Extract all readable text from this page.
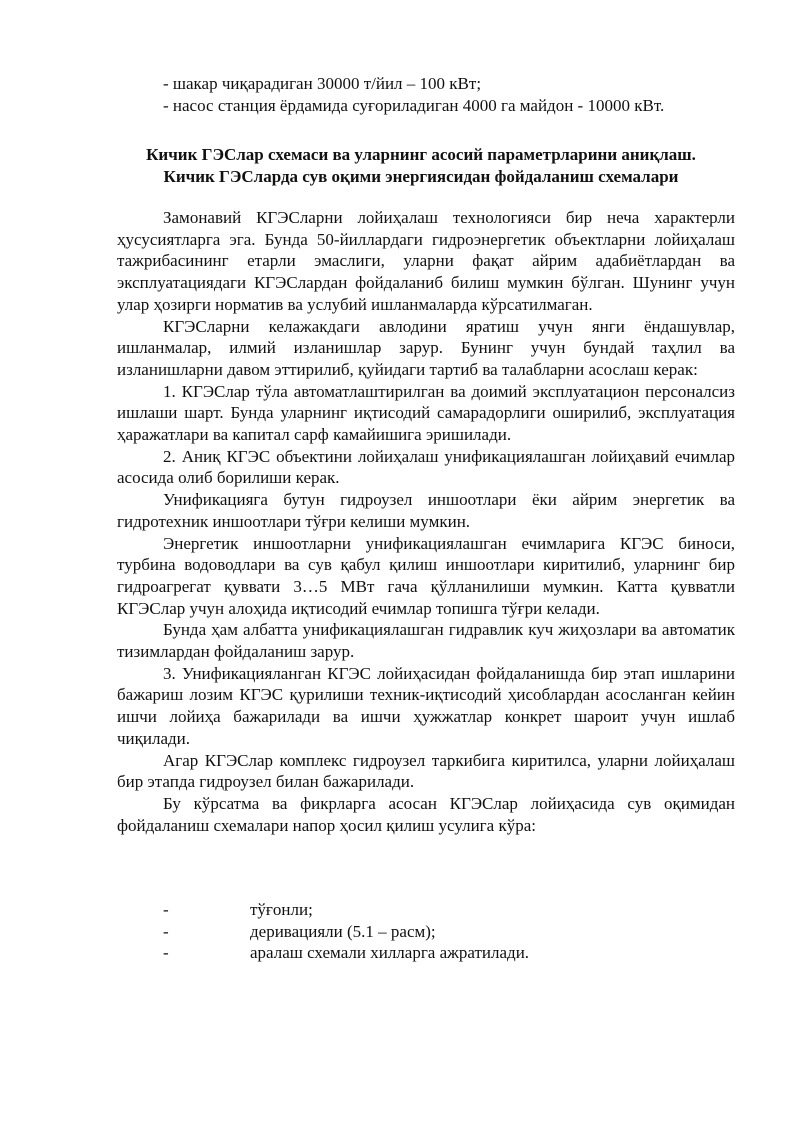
- шакар чиқарадиган 30000 т/йил – 100 кВт;
- насос станция ёрдамида суғориладиган 4000 га майдон - 10000 кВт.
Кичик ГЭСлар схемаси ва уларнинг асосий параметрларини аниқлаш.
Кичик ГЭСларда сув оқими энергиясидан фойдаланиш схемалари

Замонавий КГЭСларни лойиҳалаш технологияси бир неча характерли ҳусусиятларга эга. Бунда 50-йиллардаги гидроэнергетик объектларни лойиҳалаш тажрибасининг етарли эмаслиги, уларни фақат айрим адабиётлардан ва эксплуатациядаги КГЭСлардан фойдаланиб билиш мумкин бўлган. Шунинг учун улар ҳозирги норматив ва услубий ишланмаларда кўрсатилмаган.

КГЭСларни келажакдаги авлодини яратиш учун янги ёндашувлар, ишланмалар, илмий изланишлар зарур. Бунинг учун бундай таҳлил ва изланишларни давом эттирилиб, қуйидаги тартиб ва талабларни асослаш керак:

1. КГЭСлар тўла автоматлаштирилган ва доимий эксплуатацион персоналсиз ишлаши шарт. Бунда уларнинг иқтисодий самарадорлиги оширилиб, эксплуатация ҳаражатлари ва капитал сарф камайишига эришилади.

2. Аниқ КГЭС объектини лойиҳалаш унификациялашган лойиҳавий ечимлар асосида олиб борилиши керак.

Унификацияга бутун гидроузел иншоотлари ёки айрим энергетик ва гидротехник иншоотлари тўғри келиши мумкин.

Энергетик иншоотларни унификациялашган ечимларига КГЭС биноси, турбина водоводлари ва сув қабул қилиш иншоотлари киритилиб, уларнинг бир гидроагрегат қуввати 3…5 МВт гача қўлланилиши мумкин. Катта қувватли КГЭСлар учун алоҳида иқтисодий ечимлар топишга тўғри келади.

Бунда ҳам албатта унификациялашган гидравлик куч жиҳозлари ва автоматик тизимлардан фойдаланиш зарур.

3. Унификацияланган КГЭС лойиҳасидан фойдаланишда бир этап ишларини бажариш лозим КГЭС қурилиши техник-иқтисодий ҳисоблардан асосланган кейин ишчи лойиҳа бажарилади ва ишчи ҳужжатлар конкрет шароит учун ишлаб чиқилади.

Агар КГЭСлар комплекс гидроузел таркибига киритилса, уларни лойиҳалаш бир этапда гидроузел билан бажарилади.

Бу кўрсатма ва фикрларга асосан КГЭСлар лойиҳасида сув оқимидан фойдаланиш схемалари напор ҳосил қилиш усулига кўра:

-	тўғонли;
-	деривацияли (5.1 – расм);
-	аралаш схемали хилларга ажратилади.
